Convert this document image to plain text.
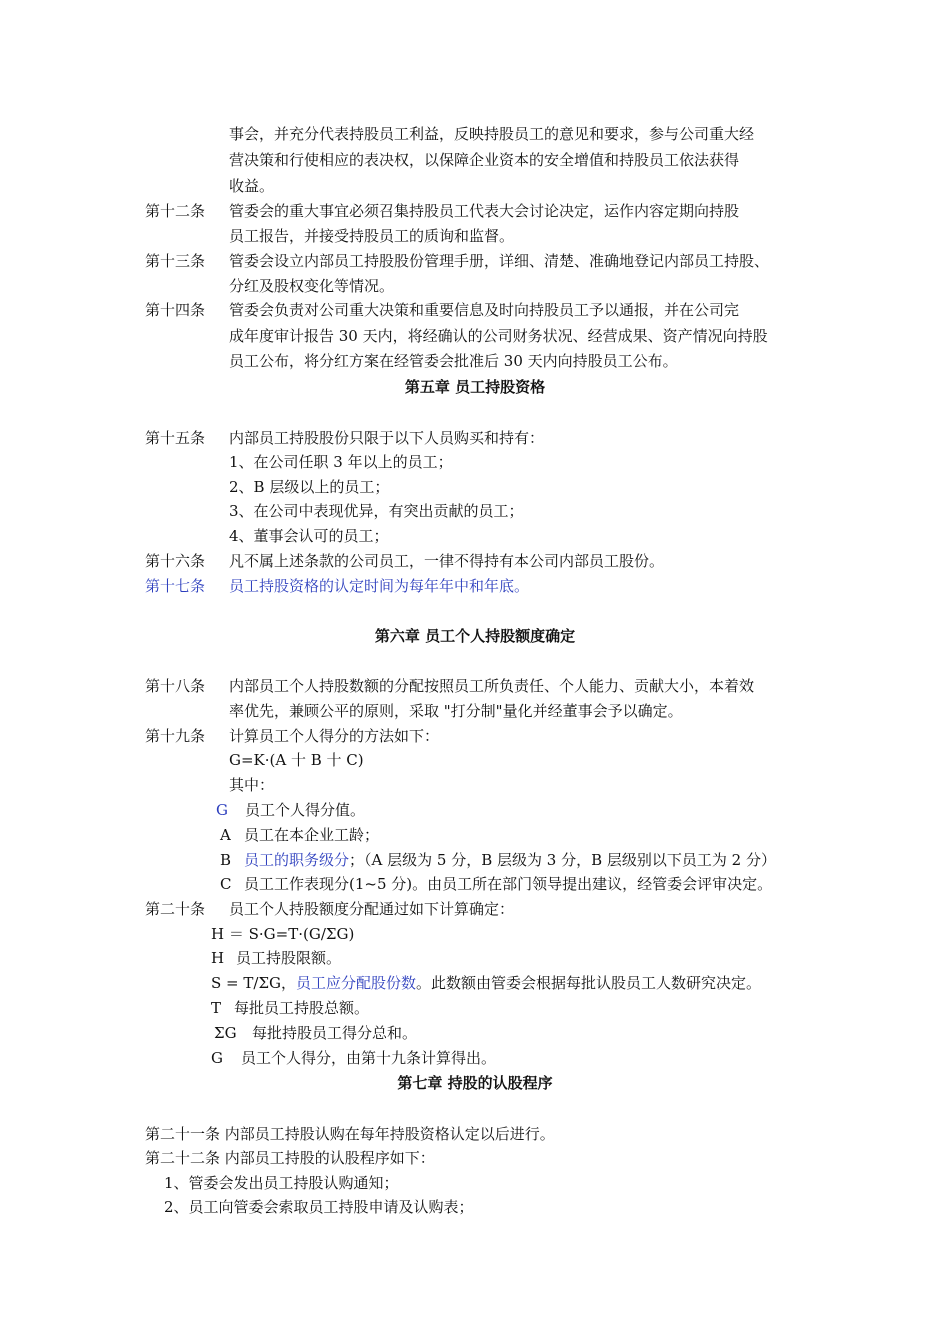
事会，并充分代表持股员工利益，反映持股员工的意见和要求，参与公司重大经
营决策和行使相应的表决权，以保障企业资本的安全增值和持股员工依法获得
收益。
第十二条 管委会的重大事宜必须召集持股员工代表大会讨论决定，运作内容定期向持股
员工报告，并接受持股员工的质询和监督。
第十三条 管委会设立内部员工持股股份管理手册，详细、清楚、准确地登记内部员工持股、
分红及股权变化等情况。
第十四条 管委会负责对公司重大决策和重要信息及时向持股员工予以通报，并在公司完
成年度审计报告 30 天内，将经确认的公司财务状况、经营成果、资产情况向持股
员工公布，将分红方案在经管委会批准后 30 天内向持股员工公布。
第五章 员工持股资格
第十五条 内部员工持股股份只限于以下人员购买和持有：
1、在公司任职 3 年以上的员工；
2、B 层级以上的员工；
3、在公司中表现优异，有突出贡献的员工；
4、董事会认可的员工；
第十六条 凡不属上述条款的公司员工，一律不得持有本公司内部员工股份。
第十七条 员工持股资格的认定时间为每年年中和年底。
第六章 员工个人持股额度确定
第十八条 内部员工个人持股数额的分配按照员工所负责任、个人能力、贡献大小，本着效
率优先，兼顾公平的原则，采取 "打分制"量化并经董事会予以确定。
第十九条 计算员工个人得分的方法如下：
G=K·(A 十 B 十 C)
其中：
G 员工个人得分值。
A 员工在本企业工龄；
B 员工的职务级分；（A 层级为 5 分，B 层级为 3 分，B 层级别以下员工为 2 分）
C 员工工作表现分(1~5 分)。由员工所在部门领导提出建议，经管委会评审决定。
第二十条 员工个人持股额度分配通过如下计算确定：
H ＝ S·G=T·(G/ΣG)
H 员工持股限额。
S = T/ΣG，员工应分配股份数。此数额由管委会根据每批认股员工人数研究决定。
T 每批员工持股总额。
ΣG 每批持股员工得分总和。
G 员工个人得分，由第十九条计算得出。
第七章 持股的认股程序
第二十一条 内部员工持股认购在每年持股资格认定以后进行。
第二十二条 内部员工持股的认股程序如下：
1、管委会发出员工持股认购通知；
2、员工向管委会索取员工持股申请及认购表；
